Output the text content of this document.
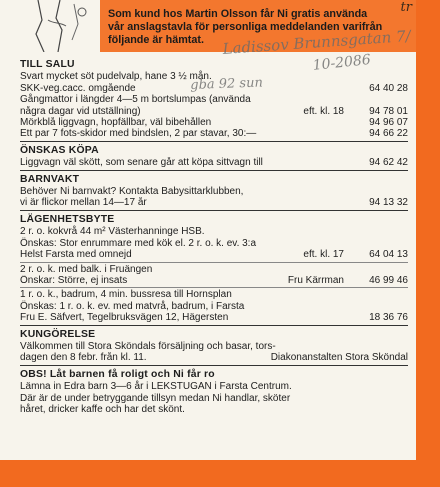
Som kund hos Martin Olsson får Ni gratis använda
vår anslagstavla för personliga meddelanden varifrån
följande är hämtat.	Ladissov Brunnsgatan 7/
10-2086
gba 92 sun
tr
TILL SALU
Svart mycket söt pudelvalp, hane 3 ½ mån.
SKK-veg.cacc. omgående	64 40 28
Gångmattor i längder 4—5 m bortslumpas (använda
några dagar vid utställning)	eft. kl. 18	94 78 01
Mörkblå liggvagn, hopfällbar, väl bibehållen	94 96 07
Ett par 7 fots-skidor med bindslen, 2 par stavar, 30:—	94 66 22
ÖNSKAS KÖPA
Liggvagn väl skött, som senare går att köpa sittvagn till	94 62 42
BARNVAKT
Behöver Ni barnvakt? Kontakta Babysittarklubben,
vi är flickor mellan 14—17 år	94 13 32
LÄGENHETSBYTE
2 r. o. kokvrå 44 m² Västerhanninge HSB.
Önskas: Stor enrummare med kök el. 2 r. o. k. ev. 3:a
Helst Farsta med omnejd	eft. kl. 17	64 04 13
2 r. o. k. med balk. i Fruängen
Önskar: Större, ej insats	Fru Kärrman	46 99 46
1 r. o. k., badrum, 4 min. bussresa till Hornsplan
Önskas: 1 r. o. k. ev. med matvrå, badrum, i Farsta
Fru E. Säfvert, Tegelbruksvägen 12, Hägersten	18 36 76
KUNGÖRELSE
Välkommen till Stora Sköndals försäljning och basar, tors-
dagen den 8 febr. från kl. 11.	Diakonanstalten Stora Sköndal
OBS! Låt barnen få roligt och Ni får ro
Lämna in Edra barn 3—6 år i LEKSTUGAN i Farsta Centrum.
Där är de under betryggande tillsyn medan Ni handlar, sköter
håret, dricker kaffe och har det skönt.
